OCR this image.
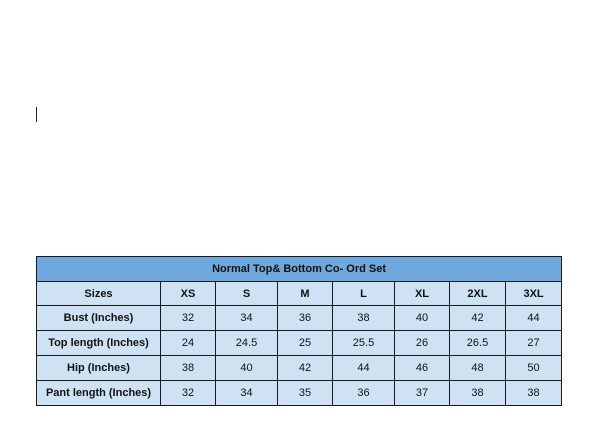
Normal Top& Bottom Co- Ord Set							
Sizes	XS	S	M	L	XL	2XL	3XL
Bust (Inches)	32	34	36	38	40	42	44
Top length (Inches)	24	24.5	25	25.5	26	26.5	27
Hip (Inches)	38	40	42	44	46	48	50
Pant length (Inches)	32	34	35	36	37	38	38
